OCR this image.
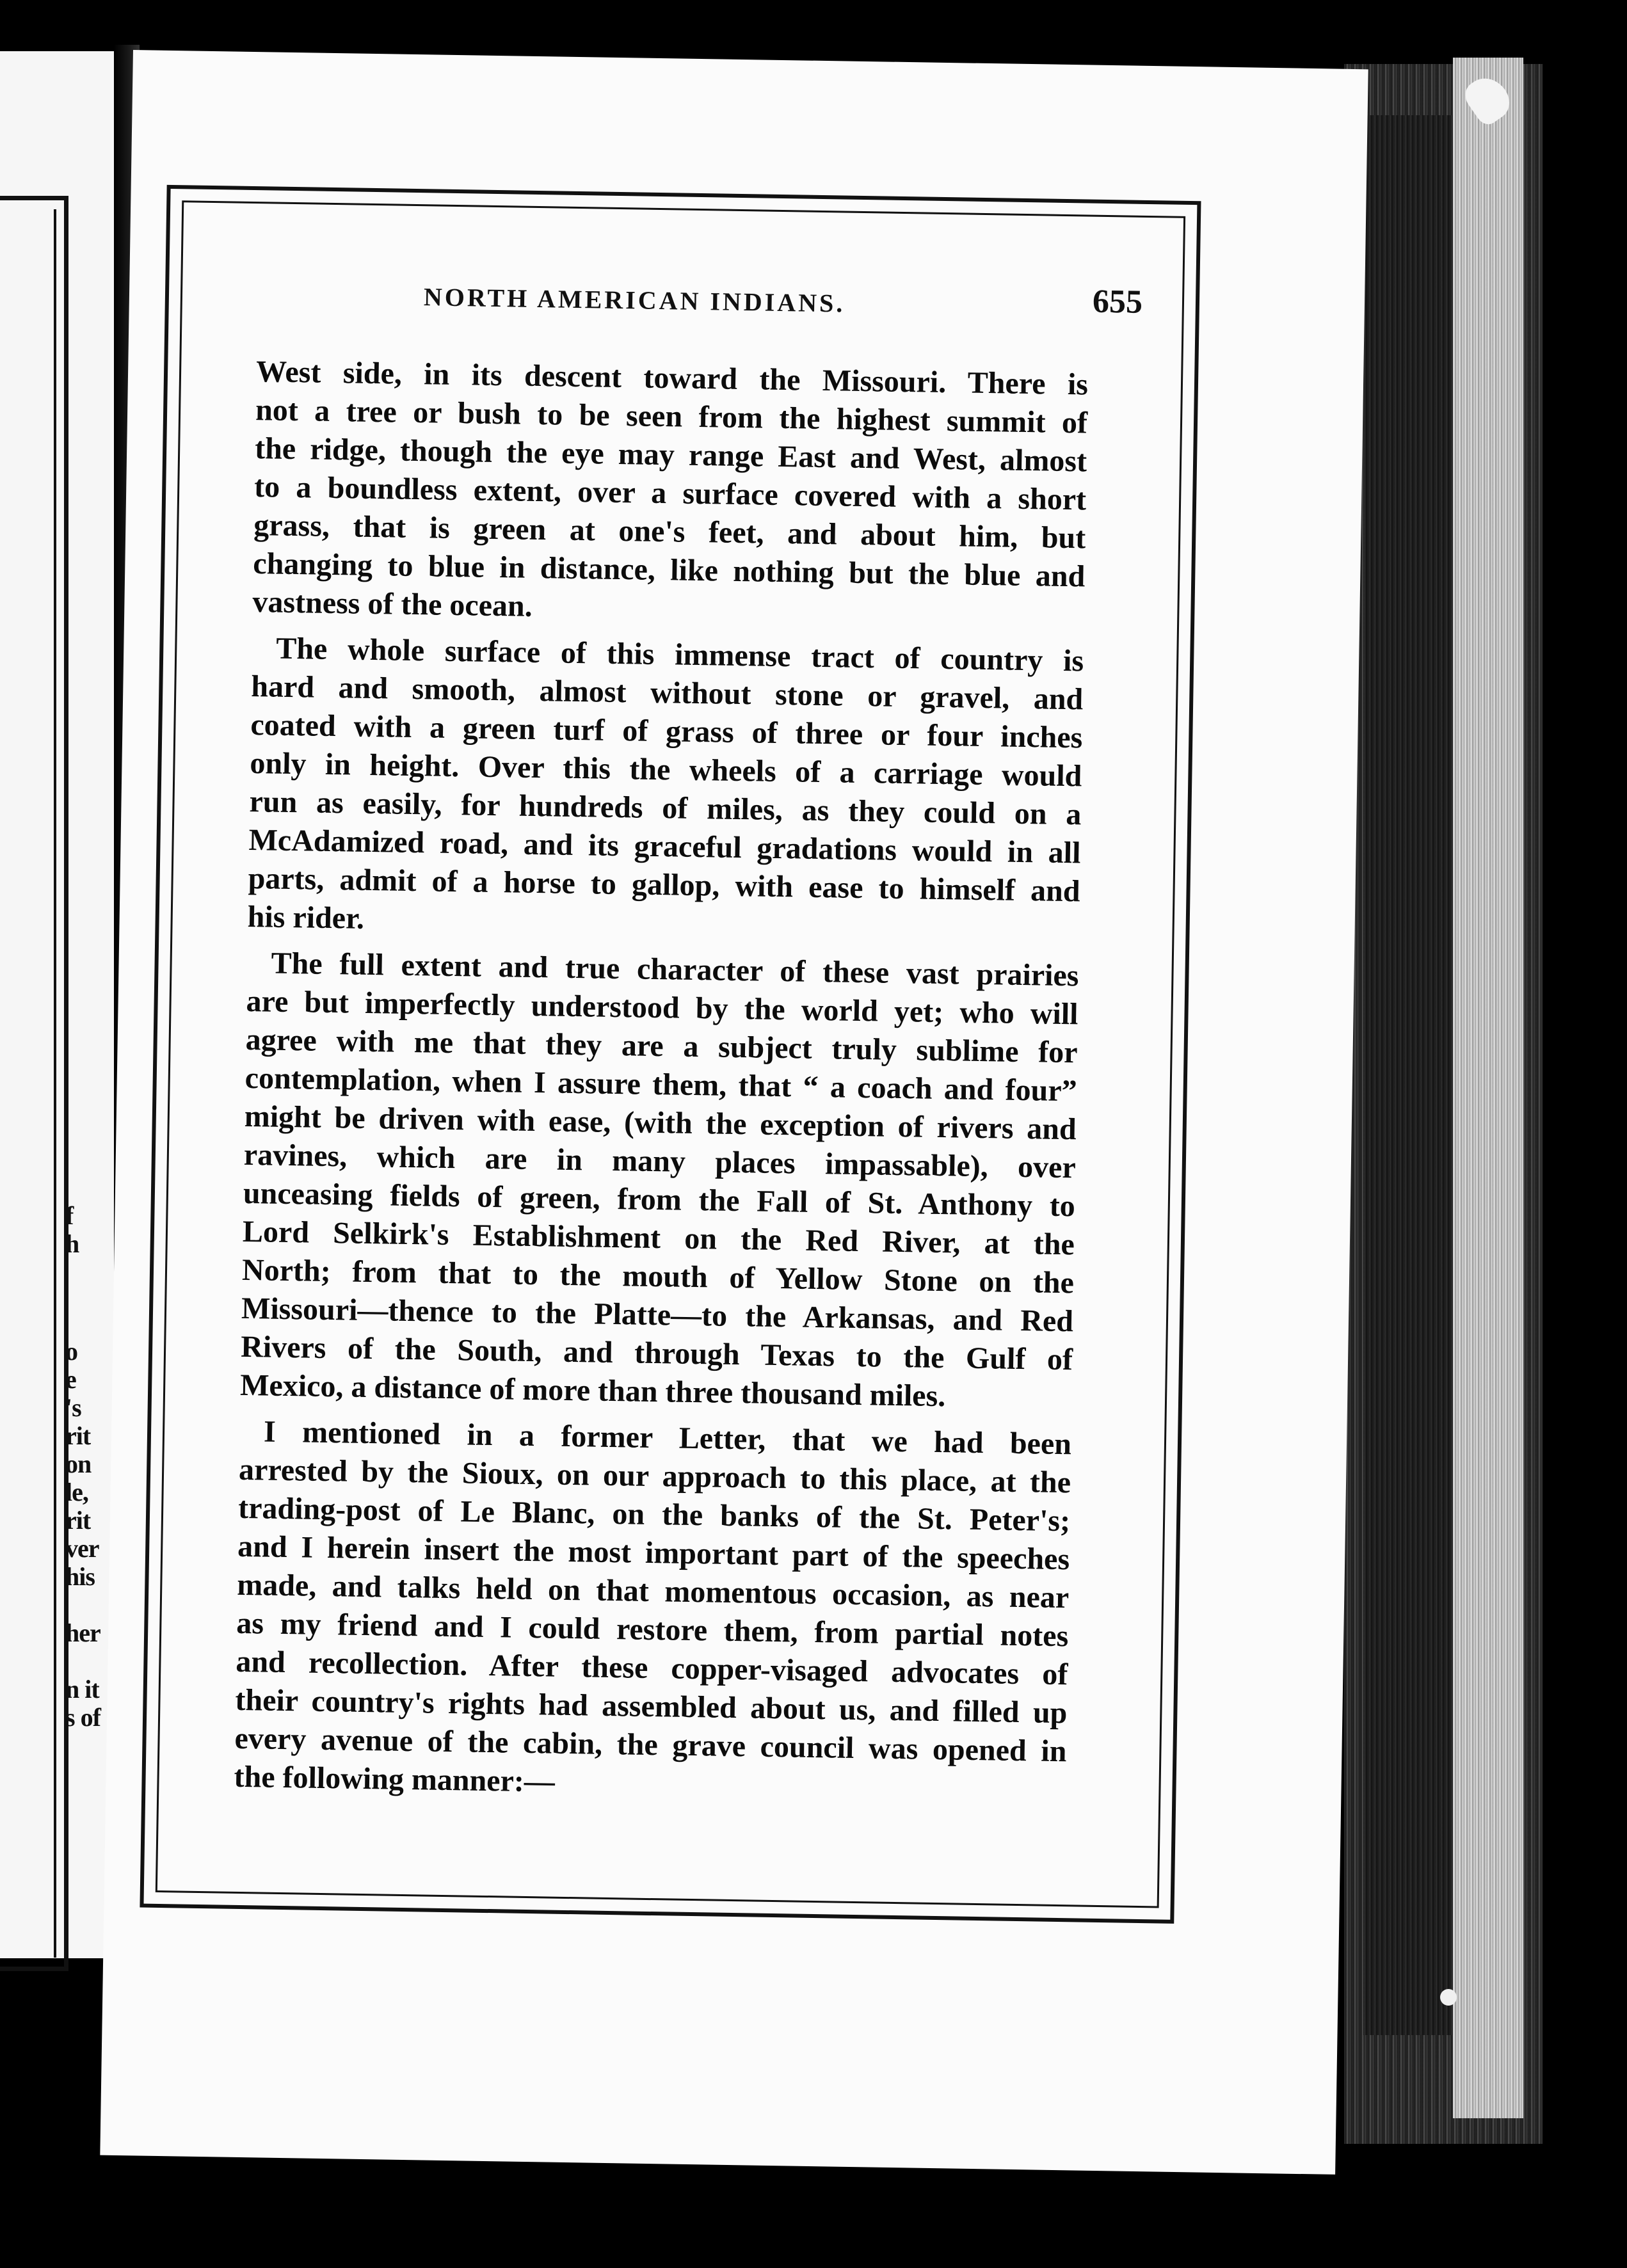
f
h
o
e
's
rit
on
le,
rit
ver
his
her
n it
s of
NORTH AMERICAN INDIANS.	655
West side, in its descent toward the Missouri. There is
not a tree or bush to be seen from the highest summit of
the ridge, though the eye may range East and West, almost
to a boundless extent, over a surface covered with a short
grass, that is green at one's feet, and about him, but
changing to blue in distance, like nothing but the blue and
vastness of the ocean.
The whole surface of this immense tract of country is
hard and smooth, almost without stone or gravel, and
coated with a green turf of grass of three or four inches
only in height. Over this the wheels of a carriage would
run as easily, for hundreds of miles, as they could on a
McAdamized road, and its graceful gradations would in all
parts, admit of a horse to gallop, with ease to himself and
his rider.
The full extent and true character of these vast prairies
are but imperfectly understood by the world yet; who will
agree with me that they are a subject truly sublime for
contemplation, when I assure them, that “ a coach and four”
might be driven with ease, (with the exception of rivers and
ravines, which are in many places impassable), over
unceasing fields of green, from the Fall of St. Anthony to
Lord Selkirk's Establishment on the Red River, at the
North; from that to the mouth of Yellow Stone on the
Missouri—thence to the Platte—to the Arkansas, and Red
Rivers of the South, and through Texas to the Gulf of
Mexico, a distance of more than three thousand miles.
I mentioned in a former Letter, that we had been
arrested by the Sioux, on our approach to this place, at the
trading-post of Le Blanc, on the banks of the St. Peter's;
and I herein insert the most important part of the speeches
made, and talks held on that momentous occasion, as near
as my friend and I could restore them, from partial notes
and recollection. After these copper-visaged advocates of
their country's rights had assembled about us, and filled up
every avenue of the cabin, the grave council was opened in
the following manner:—
